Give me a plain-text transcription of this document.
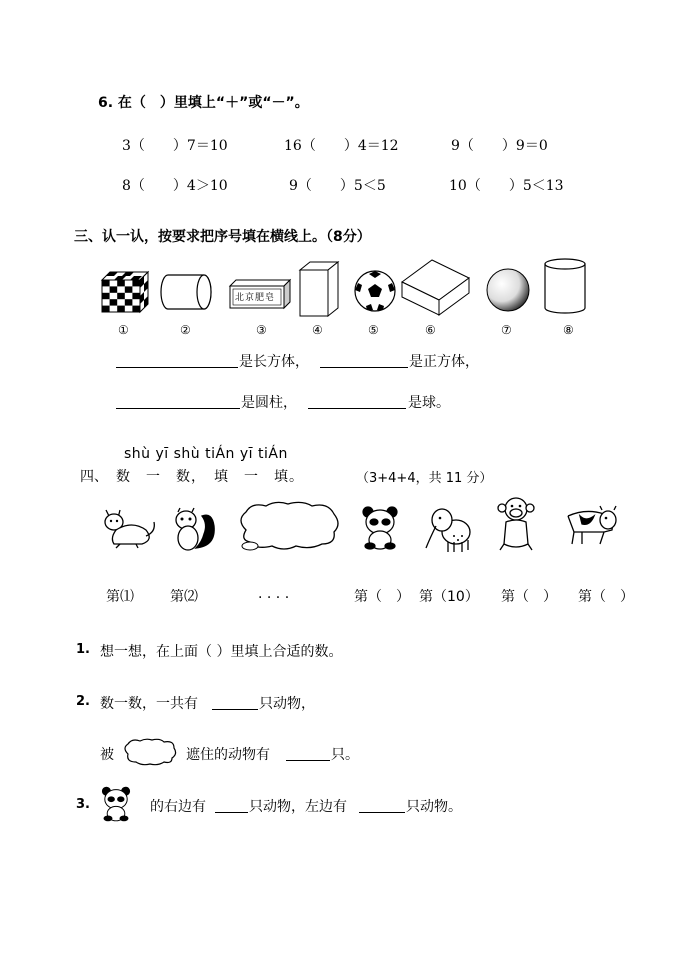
6. 在（　）里填上“＋”或“－”。
3（　　）7＝10	16（　　）4＝12	9（　　）9＝0
8（　　）4＞10	9（　　）5＜5	10（　　）5＜13
三、认一认，按要求把序号填在横线上。（8分）
北京肥皂
①	②	③	④	⑤	⑥	⑦	⑧
是长方体，	是正方体，
是圆柱，	是球。
shù yī shù tiÁn yī tiÁn
四、 数　一　数，　填　一　填。	（3+4+4，共 11 分）
第⑴	第⑵	. . . .	第（　） 第（10） 第（　） 第（　）
1. 想一想，在上面（ ）里填上合适的数。
2. 数一数，一共有	只动物，
被	遮住的动物有	只。
3.	的右边有	只动物，左边有	只动物。
